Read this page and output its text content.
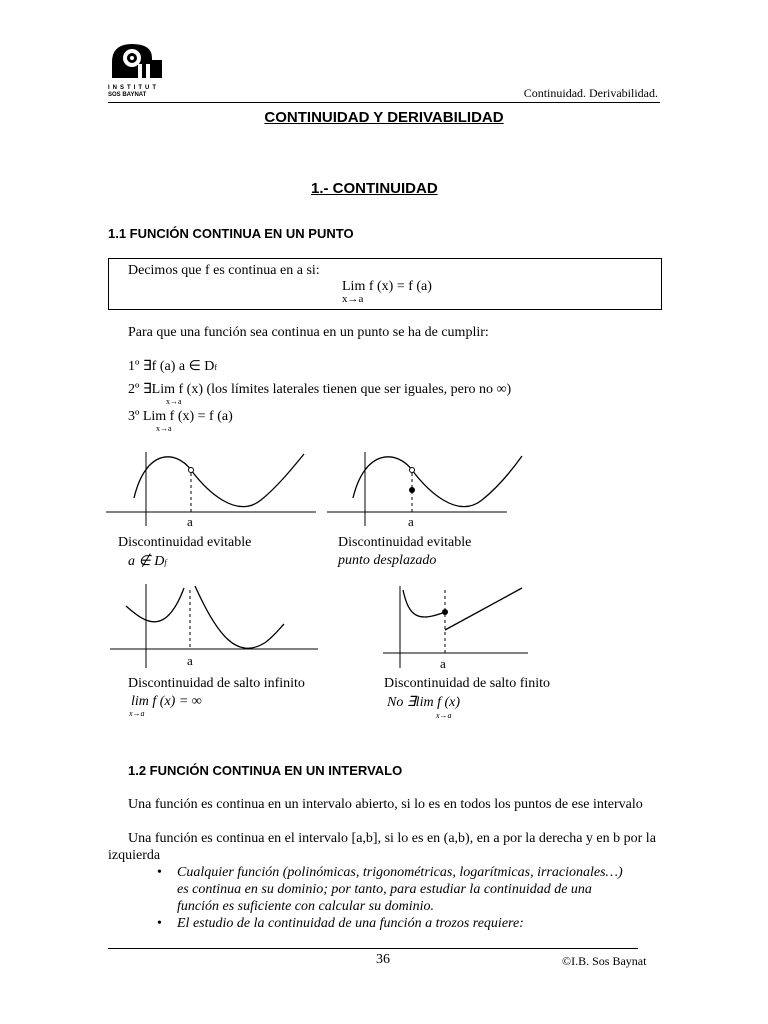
INSTITUT
SOS BAYNAT	Continuidad. Derivabilidad.
CONTINUIDAD Y DERIVABILIDAD
1.- CONTINUIDAD
1.1 FUNCIÓN CONTINUA EN UN PUNTO
Decimos que f es continua en a si:
Lim f (x) = f (a)
x→a
Para que una función sea continua en un punto se ha de cumplir:
1º ∃f (a) a ∈ Df
2º ∃Lim f (x) (los límites laterales tienen que ser iguales, pero no ∞)
x→a
3º Lim f (x) = f (a)
x→a
a
Discontinuidad evitable
a ∉ Df
a
Discontinuidad evitable
punto desplazado
a
Discontinuidad de salto infinito
lim f (x) = ∞
x→a
a
Discontinuidad de salto finito
No ∃lim f (x)
x→a
1.2 FUNCIÓN CONTINUA EN UN INTERVALO
Una función es continua en un intervalo abierto, si lo es en todos los puntos de ese intervalo
Una función es continua en el intervalo [a,b], si lo es en (a,b), en a por la derecha y en b por la izquierda
• Cualquier función (polinómicas, trigonométricas, logarítmicas, irracionales…) es continua en su dominio; por tanto, para estudiar la continuidad de una función es suficiente con calcular su dominio.
• El estudio de la continuidad de una función a trozos requiere:
36	©I.B. Sos Baynat
